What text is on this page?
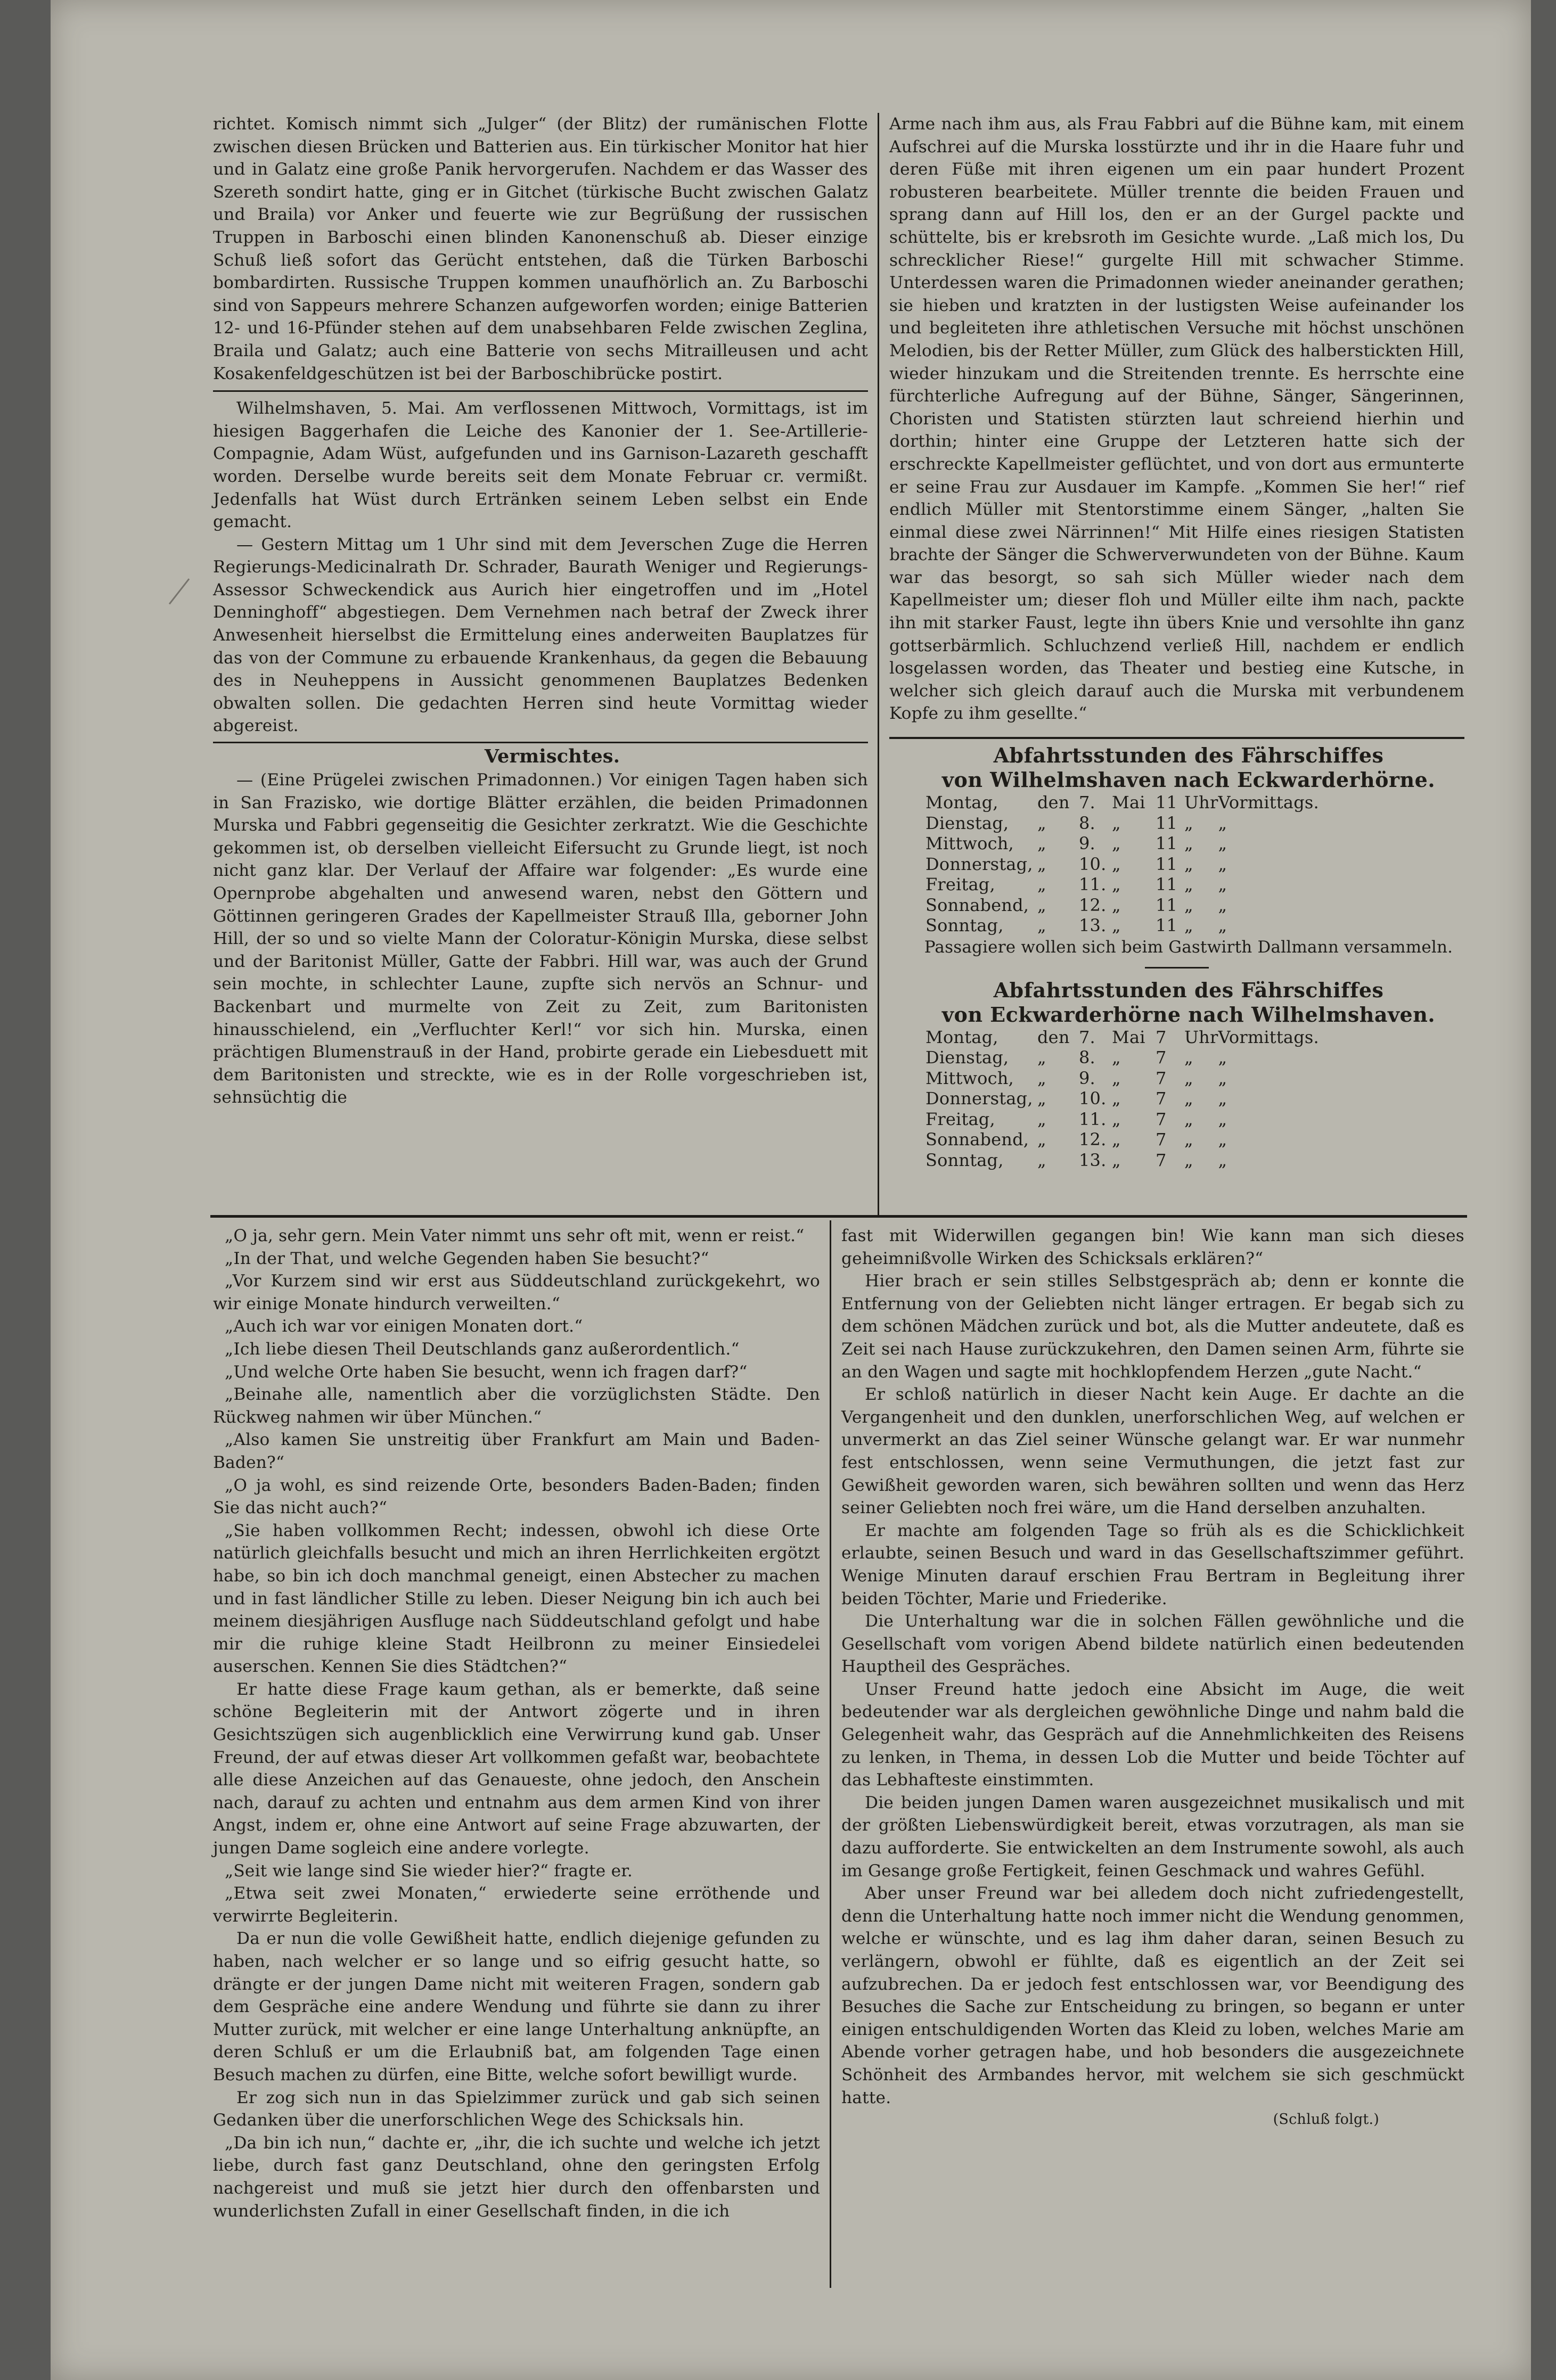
richtet. Komisch nimmt sich „Julger“ (der Blitz) der rumänischen Flotte zwischen diesen Brücken und Batterien aus. Ein türkischer Monitor hat hier und in Galatz eine große Panik hervorgerufen. Nachdem er das Wasser des Szereth sondirt hatte, ging er in Gitchet (türkische Bucht zwischen Galatz und Braila) vor Anker und feuerte wie zur Begrüßung der russischen Truppen in Barboschi einen blinden Kanonenschuß ab. Dieser einzige Schuß ließ sofort das Gerücht entstehen, daß die Türken Barboschi bombardirten. Russische Truppen kommen unaufhörlich an. Zu Barboschi sind von Sappeurs mehrere Schanzen aufgeworfen worden; einige Batterien 12- und 16-Pfünder stehen auf dem unabsehbaren Felde zwischen Zeglina, Braila und Galatz; auch eine Batterie von sechs Mitrailleusen und acht Kosakenfeldgeschützen ist bei der Barboschibrücke postirt.

Wilhelmshaven, 5. Mai. Am verflossenen Mittwoch, Vormittags, ist im hiesigen Baggerhafen die Leiche des Kanonier der 1. See-Artillerie-Compagnie, Adam Wüst, aufgefunden und ins Garnison-Lazareth geschafft worden. Derselbe wurde bereits seit dem Monate Februar cr. vermißt. Jedenfalls hat Wüst durch Ertränken seinem Leben selbst ein Ende gemacht.

— Gestern Mittag um 1 Uhr sind mit dem Jeverschen Zuge die Herren Regierungs-Medicinalrath Dr. Schrader, Baurath Weniger und Regierungs-Assessor Schweckendick aus Aurich hier eingetroffen und im „Hotel Denninghoff“ abgestiegen. Dem Vernehmen nach betraf der Zweck ihrer Anwesenheit hierselbst die Ermittelung eines anderweiten Bauplatzes für das von der Commune zu erbauende Krankenhaus, da gegen die Bebauung des in Neuheppens in Aussicht genommenen Bauplatzes Bedenken obwalten sollen. Die gedachten Herren sind heute Vormittag wieder abgereist.

Vermischtes.

— (Eine Prügelei zwischen Primadonnen.) Vor einigen Tagen haben sich in San Frazisko, wie dortige Blätter erzählen, die beiden Primadonnen Murska und Fabbri gegenseitig die Gesichter zerkratzt. Wie die Geschichte gekommen ist, ob derselben vielleicht Eifersucht zu Grunde liegt, ist noch nicht ganz klar. Der Verlauf der Affaire war folgender: „Es wurde eine Opernprobe abgehalten und anwesend waren, nebst den Göttern und Göttinnen geringeren Grades der Kapellmeister Strauß Illa, geborner John Hill, der so und so vielte Mann der Coloratur-Königin Murska, diese selbst und der Baritonist Müller, Gatte der Fabbri. Hill war, was auch der Grund sein mochte, in schlechter Laune, zupfte sich nervös an Schnur- und Backenbart und murmelte von Zeit zu Zeit, zum Baritonisten hinausschielend, ein „Verfluchter Kerl!“ vor sich hin. Murska, einen prächtigen Blumenstrauß in der Hand, probirte gerade ein Liebesduett mit dem Baritonisten und streckte, wie es in der Rolle vorgeschrieben ist, sehnsüchtig die

Arme nach ihm aus, als Frau Fabbri auf die Bühne kam, mit einem Aufschrei auf die Murska losstürzte und ihr in die Haare fuhr und deren Füße mit ihren eigenen um ein paar hundert Prozent robusteren bearbeitete. Müller trennte die beiden Frauen und sprang dann auf Hill los, den er an der Gurgel packte und schüttelte, bis er krebsroth im Gesichte wurde. „Laß mich los, Du schrecklicher Riese!“ gurgelte Hill mit schwacher Stimme. Unterdessen waren die Primadonnen wieder aneinander gerathen; sie hieben und kratzten in der lustigsten Weise aufeinander los und begleiteten ihre athletischen Versuche mit höchst unschönen Melodien, bis der Retter Müller, zum Glück des halberstickten Hill, wieder hinzukam und die Streitenden trennte. Es herrschte eine fürchterliche Aufregung auf der Bühne, Sänger, Sängerinnen, Choristen und Statisten stürzten laut schreiend hierhin und dorthin; hinter eine Gruppe der Letzteren hatte sich der erschreckte Kapellmeister geflüchtet, und von dort aus ermunterte er seine Frau zur Ausdauer im Kampfe. „Kommen Sie her!“ rief endlich Müller mit Stentorstimme einem Sänger, „halten Sie einmal diese zwei Närrinnen!“ Mit Hilfe eines riesigen Statisten brachte der Sänger die Schwerverwundeten von der Bühne. Kaum war das besorgt, so sah sich Müller wieder nach dem Kapellmeister um; dieser floh und Müller eilte ihm nach, packte ihn mit starker Faust, legte ihn übers Knie und versohlte ihn ganz gottserbärmlich. Schluchzend verließ Hill, nachdem er endlich losgelassen worden, das Theater und bestieg eine Kutsche, in welcher sich gleich darauf auch die Murska mit verbundenem Kopfe zu ihm gesellte.“

Abfahrtsstunden des Fährschiffes

von Wilhelmshaven nach Eckwarderhörne.

Montag,	den	7.	Mai	11	Uhr	Vormittags.
Dienstag,	„	8.	„	11	„	„
Mittwoch,	„	9.	„	11	„	„
Donnerstag,	„	10.	„	11	„	„
Freitag,	„	11.	„	11	„	„
Sonnabend,	„	12.	„	11	„	„
Sonntag,	„	13.	„	11	„	„

Passagiere wollen sich beim Gastwirth Dallmann versammeln.

Abfahrtsstunden des Fährschiffes

von Eckwarderhörne nach Wilhelmshaven.

Montag,	den	7.	Mai	7	Uhr	Vormittags.
Dienstag,	„	8.	„	7	„	„
Mittwoch,	„	9.	„	7	„	„
Donnerstag,	„	10.	„	7	„	„
Freitag,	„	11.	„	7	„	„
Sonnabend,	„	12.	„	7	„	„
Sonntag,	„	13.	„	7	„	„

„O ja, sehr gern. Mein Vater nimmt uns sehr oft mit, wenn er reist.“

„In der That, und welche Gegenden haben Sie besucht?“

„Vor Kurzem sind wir erst aus Süddeutschland zurückgekehrt, wo wir einige Monate hindurch verweilten.“

„Auch ich war vor einigen Monaten dort.“

„Ich liebe diesen Theil Deutschlands ganz außerordentlich.“

„Und welche Orte haben Sie besucht, wenn ich fragen darf?“

„Beinahe alle, namentlich aber die vorzüglichsten Städte. Den Rückweg nahmen wir über München.“

„Also kamen Sie unstreitig über Frankfurt am Main und Baden-Baden?“

„O ja wohl, es sind reizende Orte, besonders Baden-Baden; finden Sie das nicht auch?“

„Sie haben vollkommen Recht; indessen, obwohl ich diese Orte natürlich gleichfalls besucht und mich an ihren Herrlichkeiten ergötzt habe, so bin ich doch manchmal geneigt, einen Abstecher zu machen und in fast ländlicher Stille zu leben. Dieser Neigung bin ich auch bei meinem diesjährigen Ausfluge nach Süddeutschland gefolgt und habe mir die ruhige kleine Stadt Heilbronn zu meiner Einsiedelei auserschen. Kennen Sie dies Städtchen?“

Er hatte diese Frage kaum gethan, als er bemerkte, daß seine schöne Begleiterin mit der Antwort zögerte und in ihren Gesichtszügen sich augenblicklich eine Verwirrung kund gab. Unser Freund, der auf etwas dieser Art vollkommen gefaßt war, beobachtete alle diese Anzeichen auf das Genaueste, ohne jedoch, den Anschein nach, darauf zu achten und entnahm aus dem armen Kind von ihrer Angst, indem er, ohne eine Antwort auf seine Frage abzuwarten, der jungen Dame sogleich eine andere vorlegte.

„Seit wie lange sind Sie wieder hier?“ fragte er.

„Etwa seit zwei Monaten,“ erwiederte seine erröthende und verwirrte Begleiterin.

Da er nun die volle Gewißheit hatte, endlich diejenige gefunden zu haben, nach welcher er so lange und so eifrig gesucht hatte, so drängte er der jungen Dame nicht mit weiteren Fragen, sondern gab dem Gespräche eine andere Wendung und führte sie dann zu ihrer Mutter zurück, mit welcher er eine lange Unterhaltung anknüpfte, an deren Schluß er um die Erlaubniß bat, am folgenden Tage einen Besuch machen zu dürfen, eine Bitte, welche sofort bewilligt wurde.

Er zog sich nun in das Spielzimmer zurück und gab sich seinen Gedanken über die unerforschlichen Wege des Schicksals hin.

„Da bin ich nun,“ dachte er, „ihr, die ich suchte und welche ich jetzt liebe, durch fast ganz Deutschland, ohne den geringsten Erfolg nachgereist und muß sie jetzt hier durch den offenbarsten und wunderlichsten Zufall in einer Gesellschaft finden, in die ich

fast mit Widerwillen gegangen bin! Wie kann man sich dieses geheimnißvolle Wirken des Schicksals erklären?“

Hier brach er sein stilles Selbstgespräch ab; denn er konnte die Entfernung von der Geliebten nicht länger ertragen. Er begab sich zu dem schönen Mädchen zurück und bot, als die Mutter andeutete, daß es Zeit sei nach Hause zurückzukehren, den Damen seinen Arm, führte sie an den Wagen und sagte mit hochklopfendem Herzen „gute Nacht.“

Er schloß natürlich in dieser Nacht kein Auge. Er dachte an die Vergangenheit und den dunklen, unerforschlichen Weg, auf welchen er unvermerkt an das Ziel seiner Wünsche gelangt war. Er war nunmehr fest entschlossen, wenn seine Vermuthungen, die jetzt fast zur Gewißheit geworden waren, sich bewähren sollten und wenn das Herz seiner Geliebten noch frei wäre, um die Hand derselben anzuhalten.

Er machte am folgenden Tage so früh als es die Schicklichkeit erlaubte, seinen Besuch und ward in das Gesellschaftszimmer geführt. Wenige Minuten darauf erschien Frau Bertram in Begleitung ihrer beiden Töchter, Marie und Friederike.

Die Unterhaltung war die in solchen Fällen gewöhnliche und die Gesellschaft vom vorigen Abend bildete natürlich einen bedeutenden Hauptheil des Gespräches.

Unser Freund hatte jedoch eine Absicht im Auge, die weit bedeutender war als dergleichen gewöhnliche Dinge und nahm bald die Gelegenheit wahr, das Gespräch auf die Annehmlichkeiten des Reisens zu lenken, in Thema, in dessen Lob die Mutter und beide Töchter auf das Lebhafteste einstimmten.

Die beiden jungen Damen waren ausgezeichnet musikalisch und mit der größten Liebenswürdigkeit bereit, etwas vorzutragen, als man sie dazu aufforderte. Sie entwickelten an dem Instrumente sowohl, als auch im Gesange große Fertigkeit, feinen Geschmack und wahres Gefühl.

Aber unser Freund war bei alledem doch nicht zufriedengestellt, denn die Unterhaltung hatte noch immer nicht die Wendung genommen, welche er wünschte, und es lag ihm daher daran, seinen Besuch zu verlängern, obwohl er fühlte, daß es eigentlich an der Zeit sei aufzubrechen. Da er jedoch fest entschlossen war, vor Beendigung des Besuches die Sache zur Entscheidung zu bringen, so begann er unter einigen entschuldigenden Worten das Kleid zu loben, welches Marie am Abende vorher getragen habe, und hob besonders die ausgezeichnete Schönheit des Armbandes hervor, mit welchem sie sich geschmückt hatte.

(Schluß folgt.)
